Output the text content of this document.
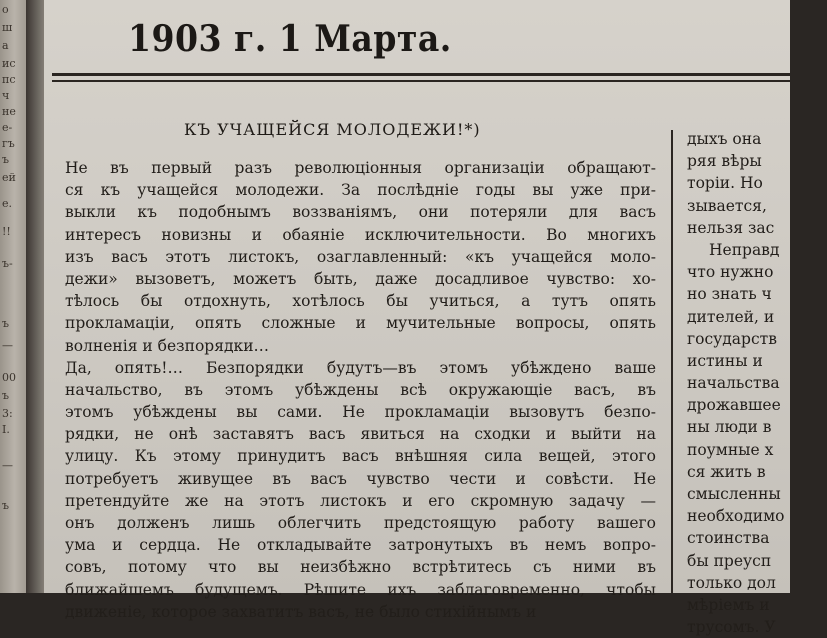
о
ш
а
ис
пс
ч
не
е-
гъ
ъ
ей
е.
!!
ъ-
ъ
—
00
ъ
3:
І.
—
ъ
1903 г. 1 Марта.
КЪ УЧАЩЕЙСЯ МОЛОДЕЖИ!*)
Не въ первый разъ революціонныя организаціи обращают-
ся къ учащейся молодежи. За послѣдніе годы вы уже при-
выкли къ подобнымъ воззваніямъ, они потеряли для васъ
интересъ новизны и обаяніе исключительности. Во многихъ
изъ васъ этотъ листокъ, озаглавленный: «къ учащейся моло-
дежи» вызоветъ, можетъ быть, даже досадливое чувство: хо-
тѣлось бы отдохнуть, хотѣлось бы учиться, а тутъ опять
прокламаціи, опять сложные и мучительные вопросы, опять
волненія и безпорядки…
Да, опять!… Безпорядки будутъ—въ этомъ убѣждено ваше
начальство, въ этомъ убѣждены всѣ окружающіе васъ, въ
этомъ убѣждены вы сами. Не прокламаціи вызовутъ безпо-
рядки, не онѣ заставятъ васъ явиться на сходки и выйти на
улицу. Къ этому принудитъ васъ внѣшняя сила вещей, этого
потребуетъ живущее въ васъ чувство чести и совѣсти. Не
претендуйте же на этотъ листокъ и его скромную задачу —
онъ долженъ лишь облегчить предстоящую работу вашего
ума и сердца. Не откладывайте затронутыхъ въ немъ вопро-
совъ, потому что вы неизбѣжно встрѣтитесь съ ними въ
ближайшемъ будущемъ. Рѣшите ихъ заблаговременно, чтобы
движеніе, которое захватитъ васъ, не было стихійнымъ и
дыхъ она
ряя вѣры
торіи. Но
зывается,
нельзя зас
Неправд
что нужно
но знать ч
дителей, и
государств
истины и
начальства
дрожавшее
ны люди в
поумные х
ся жить в
смысленны
необходимо
стоинства
бы преусп
только дол
мѣріемъ и
трусомъ. У
